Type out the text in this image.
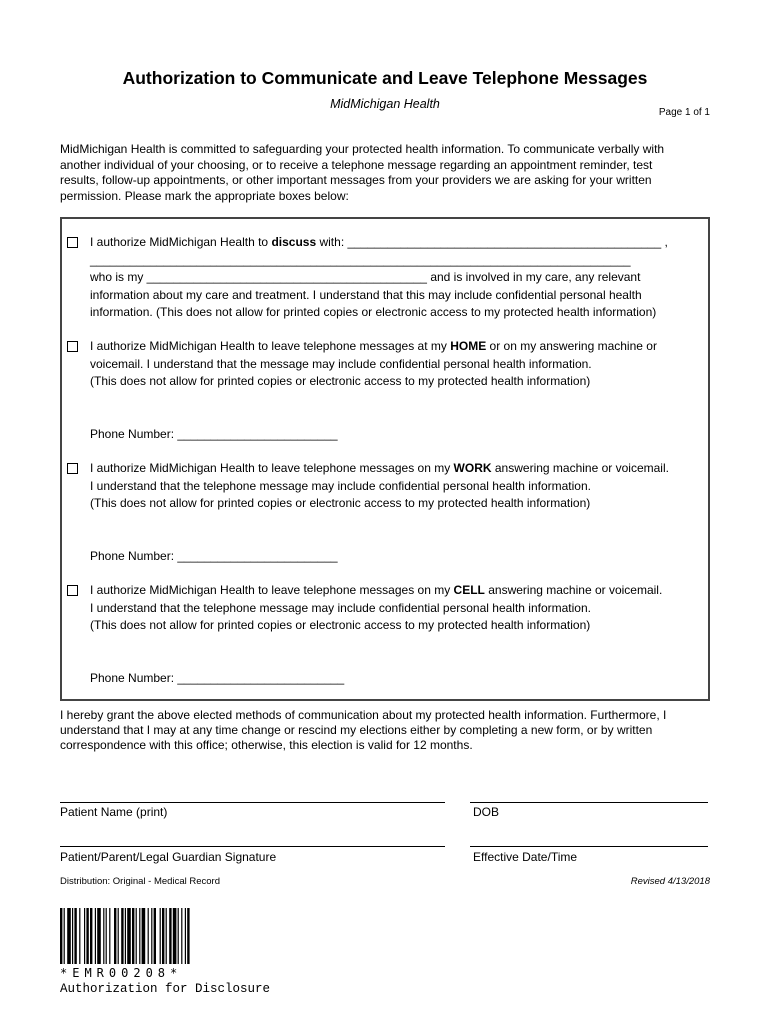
Authorization to Communicate and Leave Telephone Messages
MidMichigan Health
Page 1 of 1
MidMichigan Health is committed to safeguarding your protected health information. To communicate verbally with
another individual of your choosing, or to receive a telephone message regarding an appointment reminder, test
results, follow-up appointments, or other important messages from your providers we are asking for your written
permission. Please mark the appropriate boxes below:
I authorize MidMichigan Health to discuss with: _______________________________________________ ,
_________________________________________________________________________________
who is my __________________________________________ and is involved in my care, any relevant
information about my care and treatment. I understand that this may include confidential personal health
information. (This does not allow for printed copies or electronic access to my protected health information)
I authorize MidMichigan Health to leave telephone messages at my HOME or on my answering machine or
voicemail. I understand that the message may include confidential personal health information.
(This does not allow for printed copies or electronic access to my protected health information)
Phone Number: ________________________
I authorize MidMichigan Health to leave telephone messages on my WORK answering machine or voicemail.
I understand that the telephone message may include confidential personal health information.
(This does not allow for printed copies or electronic access to my protected health information)
Phone Number: ________________________
I authorize MidMichigan Health to leave telephone messages on my CELL answering machine or voicemail.
I understand that the telephone message may include confidential personal health information.
(This does not allow for printed copies or electronic access to my protected health information)
Phone Number: _________________________
I hereby grant the above elected methods of communication about my protected health information. Furthermore, I
understand that I may at any time change or rescind my elections either by completing a new form, or by written
correspondence with this office; otherwise, this election is valid for 12 months.
Patient Name (print)	DOB
Patient/Parent/Legal Guardian Signature	Effective Date/Time
Distribution: Original - Medical Record	Revised 4/13/2018
*EMR00208*
Authorization for Disclosure
